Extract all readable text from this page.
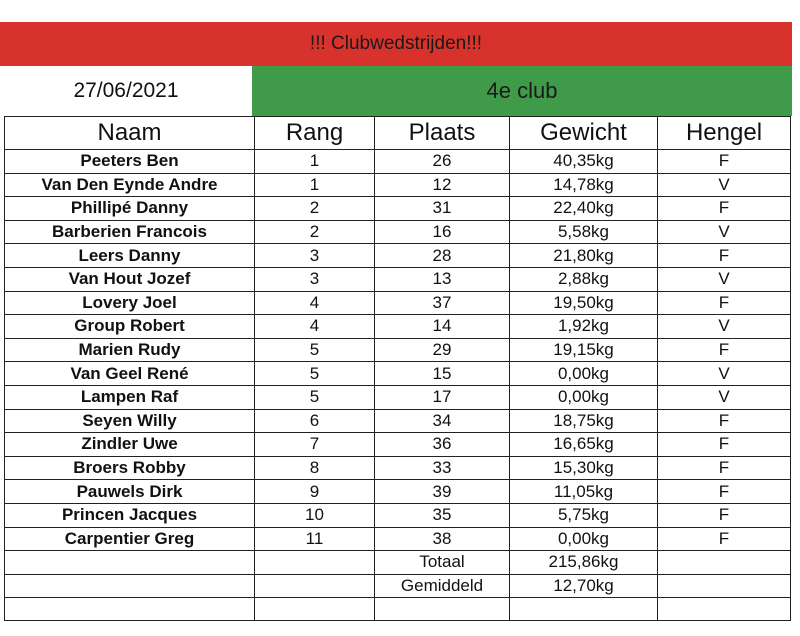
!!! Clubwedstrijden!!!
27/06/2021	4e club
Naam	Rang	Plaats	Gewicht	Hengel
Peeters Ben	1	26	40,35kg	F
Van Den Eynde Andre	1	12	14,78kg	V
Phillipé Danny	2	31	22,40kg	F
Barberien Francois	2	16	5,58kg	V
Leers Danny	3	28	21,80kg	F
Van Hout Jozef	3	13	2,88kg	V
Lovery Joel	4	37	19,50kg	F
Group Robert	4	14	1,92kg	V
Marien Rudy	5	29	19,15kg	F
Van Geel René	5	15	0,00kg	V
Lampen Raf	5	17	0,00kg	V
Seyen Willy	6	34	18,75kg	F
Zindler Uwe	7	36	16,65kg	F
Broers Robby	8	33	15,30kg	F
Pauwels Dirk	9	39	11,05kg	F
Princen Jacques	10	35	5,75kg	F
Carpentier Greg	11	38	0,00kg	F
		Totaal	215,86kg	
		Gemiddeld	12,70kg	
